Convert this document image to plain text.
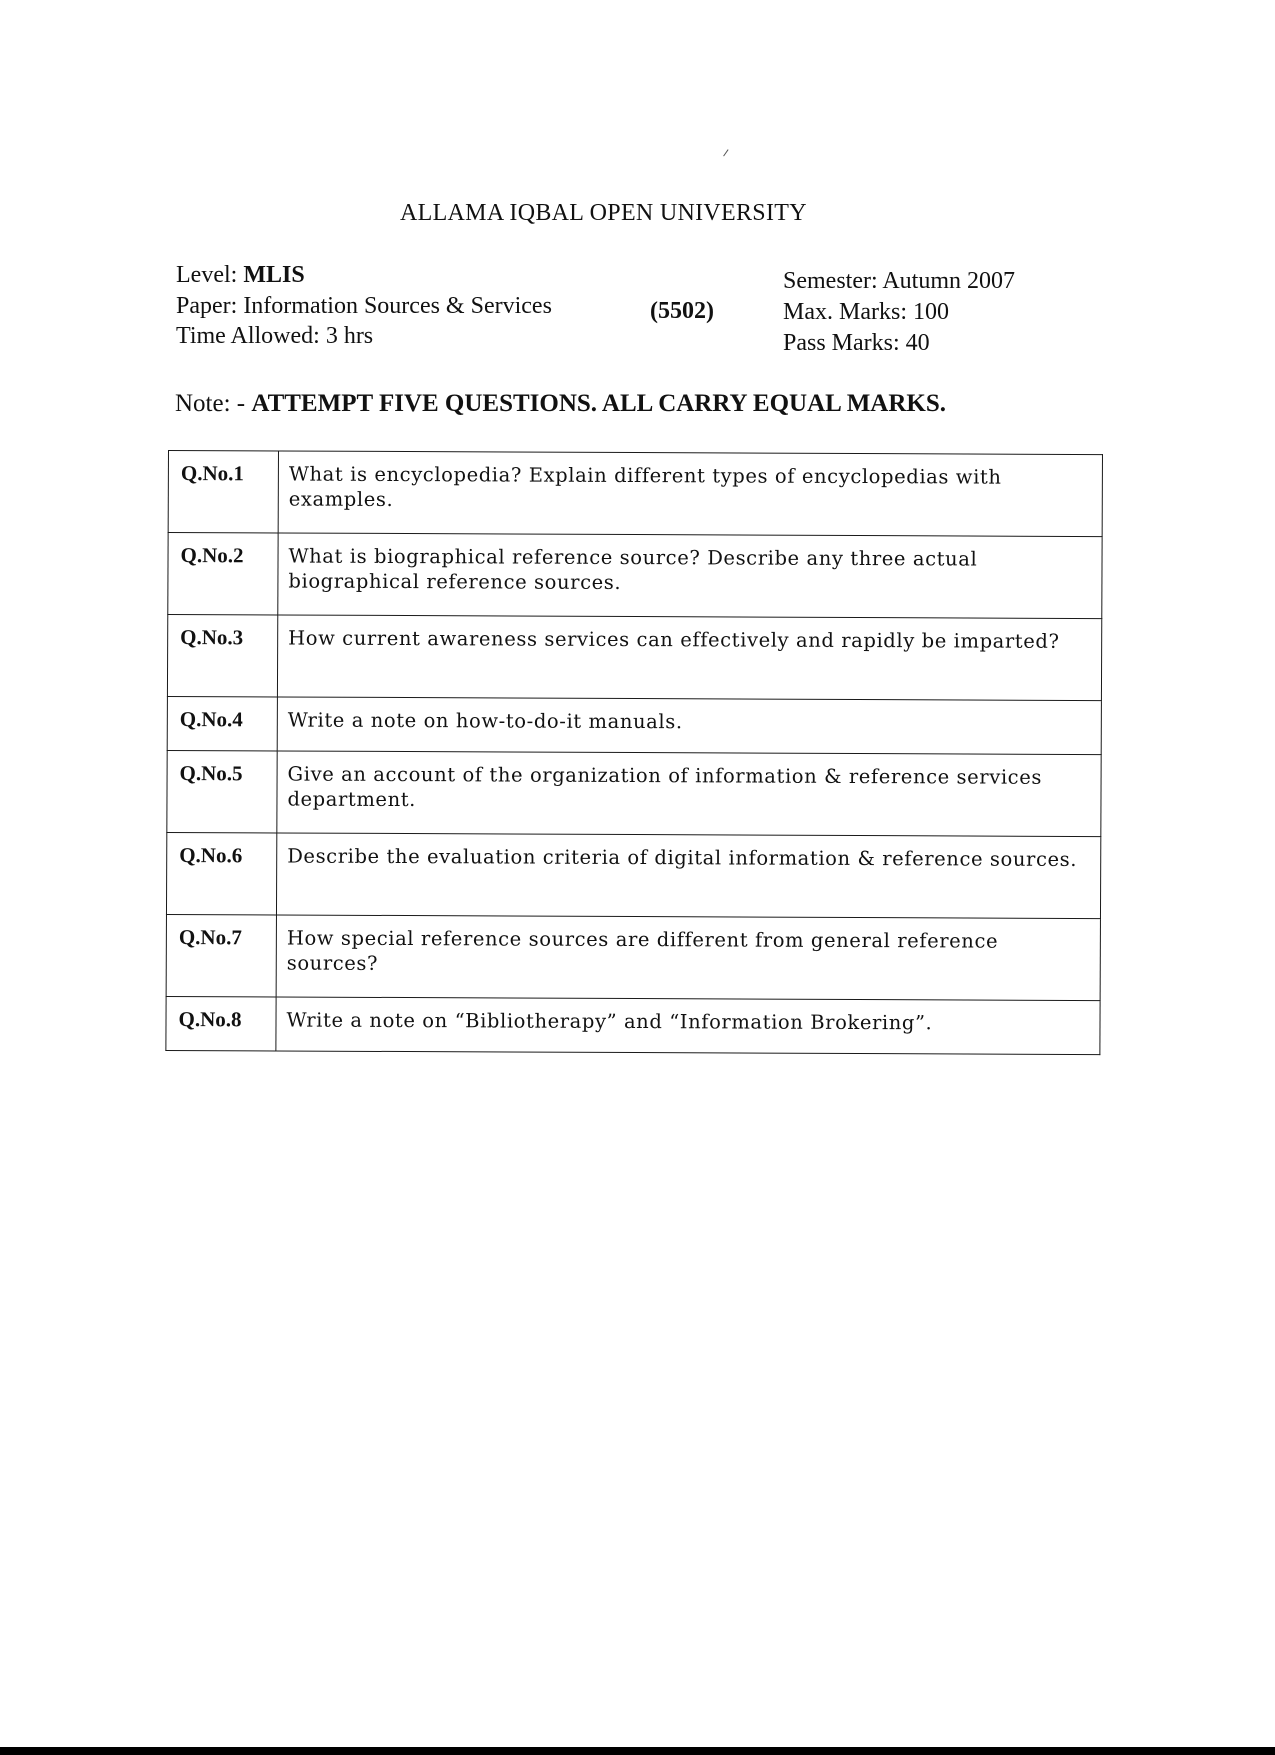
ALLAMA IQBAL OPEN UNIVERSITY
Level: MLIS
Paper: Information Sources & Services	(5502)
Time Allowed: 3 hrs
Semester: Autumn 2007
Max. Marks: 100
Pass Marks: 40
Note: - ATTEMPT FIVE QUESTIONS. ALL CARRY EQUAL MARKS.
Q.No.1	What is encyclopedia? Explain different types of encyclopedias with examples.
Q.No.2	What is biographical reference source? Describe any three actual biographical reference sources.
Q.No.3	How current awareness services can effectively and rapidly be imparted?
Q.No.4	Write a note on how-to-do-it manuals.
Q.No.5	Give an account of the organization of information & reference services department.
Q.No.6	Describe the evaluation criteria of digital information & reference sources.
Q.No.7	How special reference sources are different from general reference sources?
Q.No.8	Write a note on “Bibliotherapy” and “Information Brokering”.
